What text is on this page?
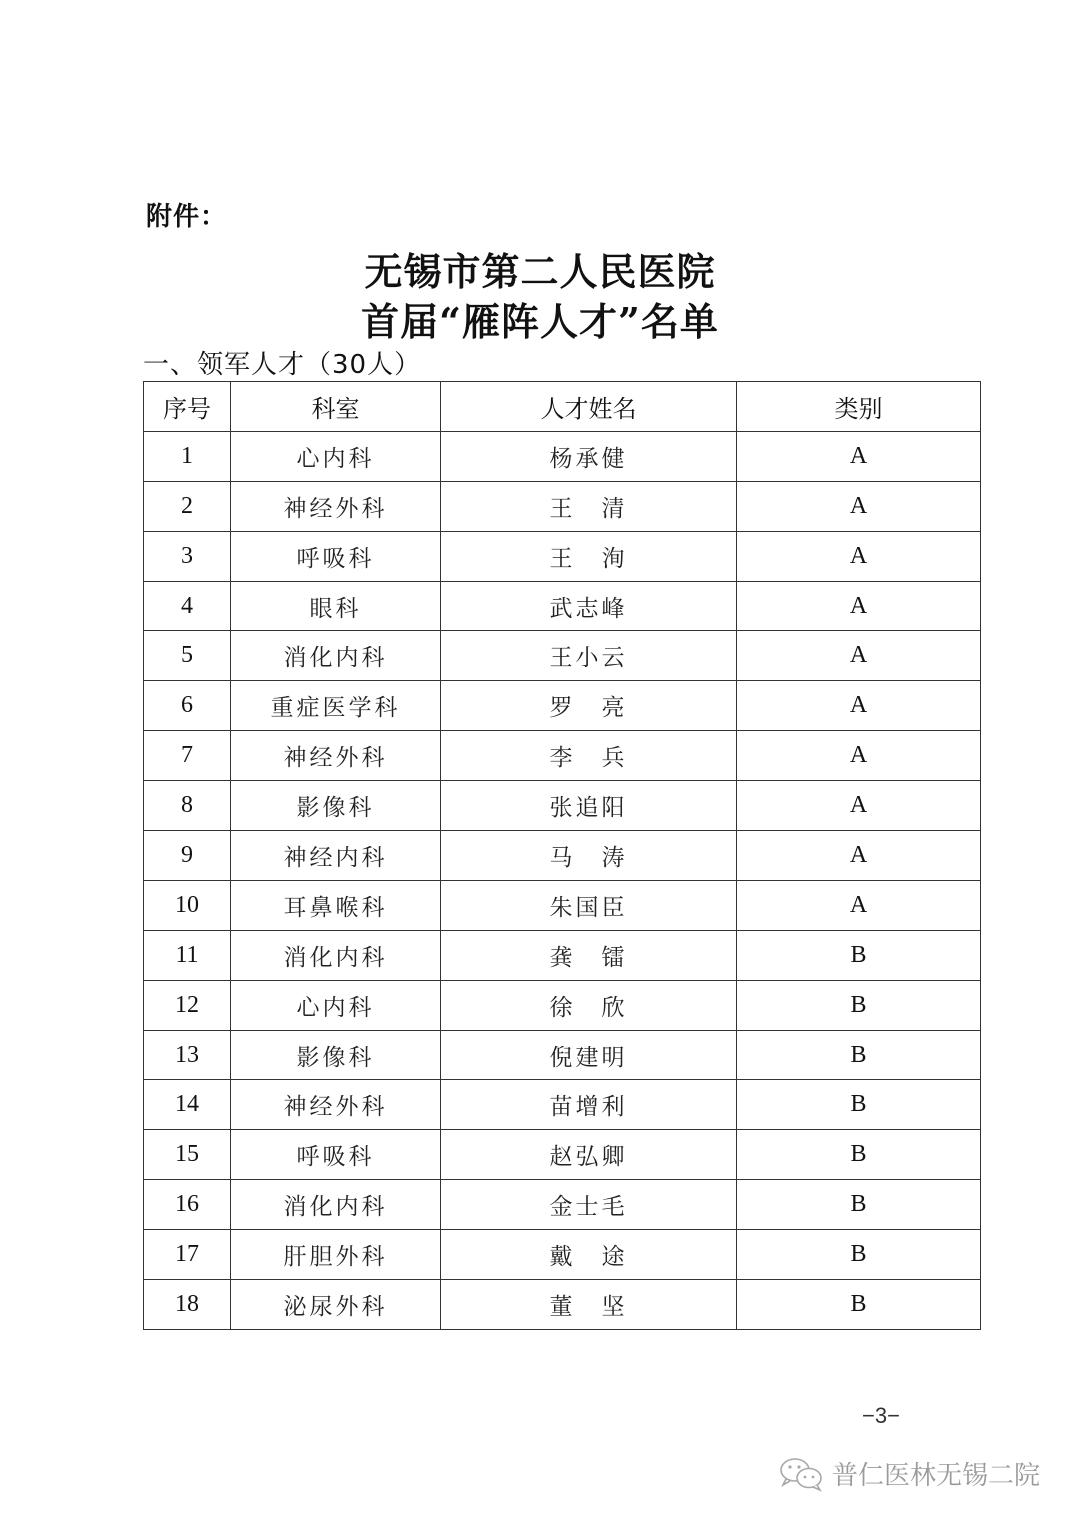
附件：
无锡市第二人民医院
首届“雁阵人才”名单
一、领军人才（30人）
序号	科室	人才姓名	类别
1	心内科	杨承健	A
2	神经外科	王　清	A
3	呼吸科	王　洵	A
4	眼科	武志峰	A
5	消化内科	王小云	A
6	重症医学科	罗　亮	A
7	神经外科	李　兵	A
8	影像科	张追阳	A
9	神经内科	马　涛	A
10	耳鼻喉科	朱国臣	A
11	消化内科	龚　镭	B
12	心内科	徐　欣	B
13	影像科	倪建明	B
14	神经外科	苗增利	B
15	呼吸科	赵弘卿	B
16	消化内科	金士毛	B
17	肝胆外科	戴　途	B
18	泌尿外科	董　坚	B
−3−
普仁医林无锡二院
